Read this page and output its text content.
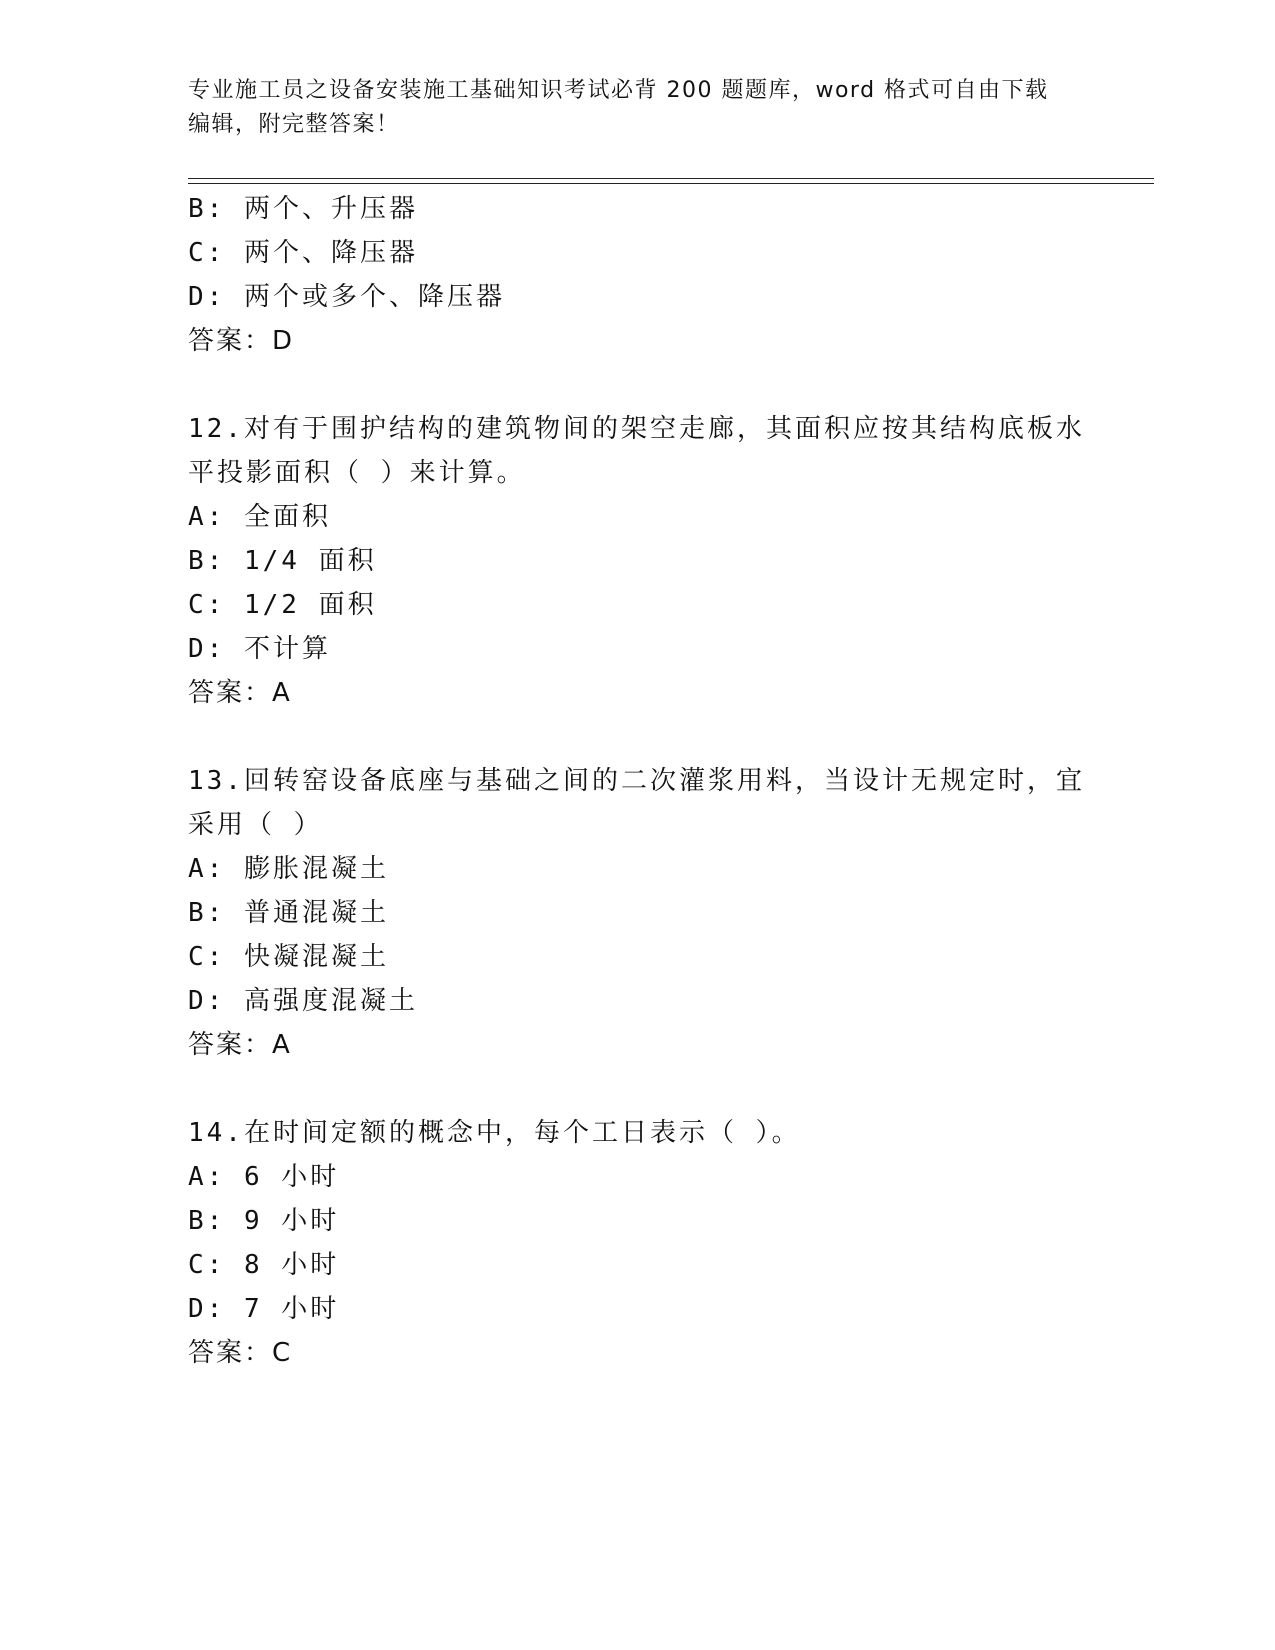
专业施工员之设备安装施工基础知识考试必背 200 题题库，word 格式可自由下载编辑，附完整答案！
B: 两个、升压器
C: 两个、降压器
D: 两个或多个、降压器
答案：D
12.对有于围护结构的建筑物间的架空走廊，其面积应按其结构底板水
平投影面积（ ）来计算。
A: 全面积
B: 1/4 面积
C: 1/2 面积
D: 不计算
答案：A
13.回转窑设备底座与基础之间的二次灌浆用料，当设计无规定时，宜
采用（ ）
A: 膨胀混凝土
B: 普通混凝土
C: 快凝混凝土
D: 高强度混凝土
答案：A
14.在时间定额的概念中，每个工日表示（ ）。
A: 6 小时
B: 9 小时
C: 8 小时
D: 7 小时
答案：C
